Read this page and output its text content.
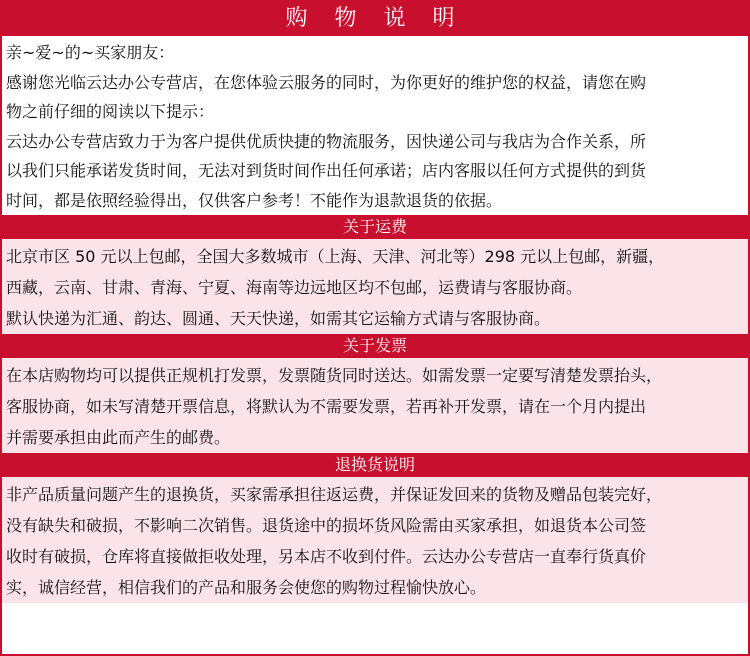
购 物 说 明
亲~爱~的~买家朋友：
感谢您光临云达办公专营店，在您体验云服务的同时，为你更好的维护您的权益，请您在购
物之前仔细的阅读以下提示：
云达办公专营店致力于为客户提供优质快捷的物流服务，因快递公司与我店为合作关系，所
以我们只能承诺发货时间，无法对到货时间作出任何承诺；店内客服以任何方式提供的到货
时间，都是依照经验得出，仅供客户参考！不能作为退款退货的依据。
关于运费
北京市区 50 元以上包邮，全国大多数城市（上海、天津、河北等）298 元以上包邮，新疆，
西藏，云南、甘肃、青海、宁夏、海南等边远地区均不包邮，运费请与客服协商。
默认快递为汇通、韵达、圆通、天天快递，如需其它运输方式请与客服协商。
关于发票
在本店购物均可以提供正规机打发票，发票随货同时送达。如需发票一定要写清楚发票抬头，
客服协商，如未写清楚开票信息，将默认为不需要发票，若再补开发票，请在一个月内提出
并需要承担由此而产生的邮费。
退换货说明
非产品质量问题产生的退换货，买家需承担往返运费，并保证发回来的货物及赠品包装完好，
没有缺失和破损，不影响二次销售。退货途中的损坏货风险需由买家承担，如退货本公司签
收时有破损，仓库将直接做拒收处理，另本店不收到付件。云达办公专营店一直奉行货真价
实，诚信经营，相信我们的产品和服务会使您的购物过程愉快放心。
